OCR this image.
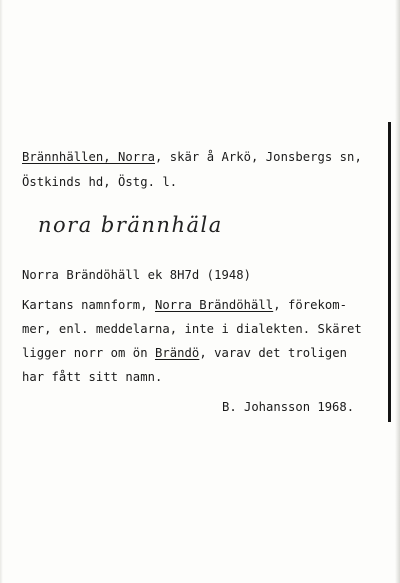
Brännhällen, Norra, skär å Arkö, Jonsbergs sn,
Östkinds hd, Östg. l.
nora brännhäla
Norra Brändöhäll ek 8H7d (1948)
Kartans namnform, Norra Brändöhäll, förekom-
mer, enl. meddelarna, inte i dialekten. Skäret
ligger norr om ön Brändö, varav det troligen
har fått sitt namn.
B. Johansson 1968.
